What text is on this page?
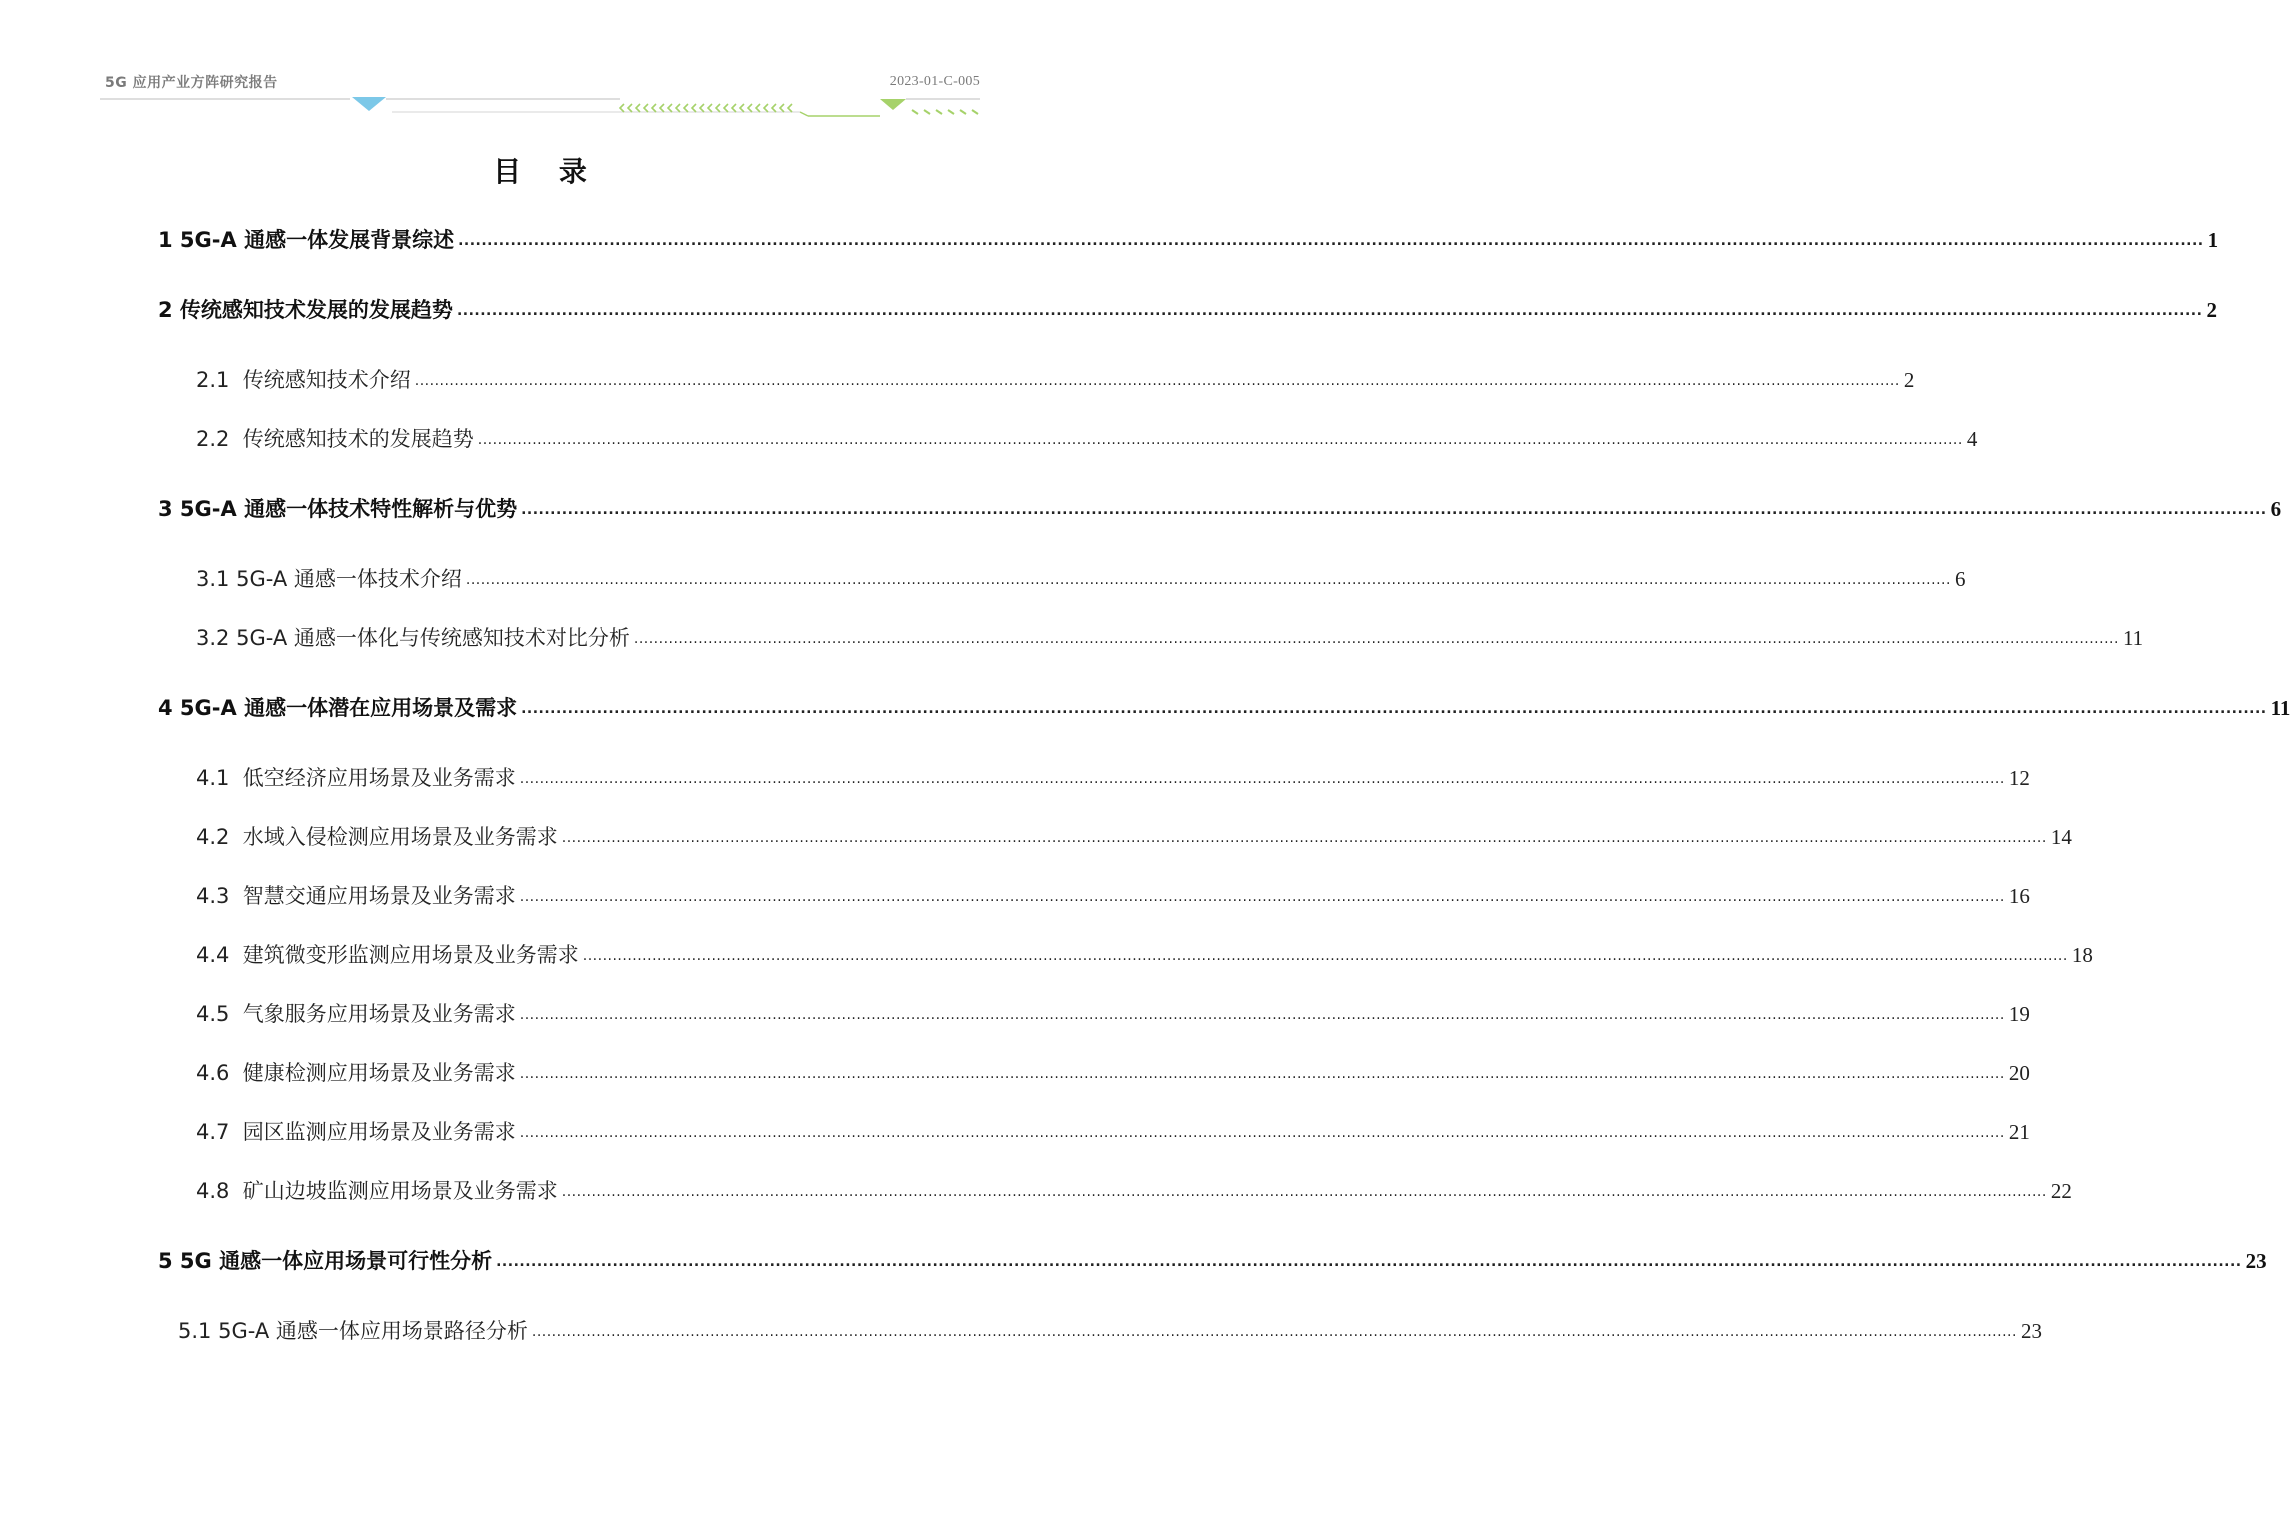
5G 应用产业方阵研究报告	2023-01-C-005
目 录
1 5G-A 通感一体发展背景综述 ............................................................................................................................................................................................................................................................................................................ 1
2 传统感知技术发展的发展趋势 ............................................................................................................................................................................................................................................................................................................ 2
2.1 传统感知技术介绍 ............................................................................................................................................................................................................................................................................................................ 2
2.2 传统感知技术的发展趋势 ............................................................................................................................................................................................................................................................................................................ 4
3 5G-A 通感一体技术特性解析与优势 ............................................................................................................................................................................................................................................................................................................ 6
3.1 5G-A 通感一体技术介绍 ............................................................................................................................................................................................................................................................................................................ 6
3.2 5G-A 通感一体化与传统感知技术对比分析 ............................................................................................................................................................................................................................................................................................................ 11
4 5G-A 通感一体潜在应用场景及需求 ............................................................................................................................................................................................................................................................................................................ 11
4.1 低空经济应用场景及业务需求 ............................................................................................................................................................................................................................................................................................................ 12
4.2 水域入侵检测应用场景及业务需求 ............................................................................................................................................................................................................................................................................................................ 14
4.3 智慧交通应用场景及业务需求 ............................................................................................................................................................................................................................................................................................................ 16
4.4 建筑微变形监测应用场景及业务需求 ............................................................................................................................................................................................................................................................................................................ 18
4.5 气象服务应用场景及业务需求 ............................................................................................................................................................................................................................................................................................................ 19
4.6 健康检测应用场景及业务需求 ............................................................................................................................................................................................................................................................................................................ 20
4.7 园区监测应用场景及业务需求 ............................................................................................................................................................................................................................................................................................................ 21
4.8 矿山边坡监测应用场景及业务需求 ............................................................................................................................................................................................................................................................................................................ 22
5 5G 通感一体应用场景可行性分析 ............................................................................................................................................................................................................................................................................................................ 23
5.1 5G-A 通感一体应用场景路径分析 ............................................................................................................................................................................................................................................................................................................ 23
